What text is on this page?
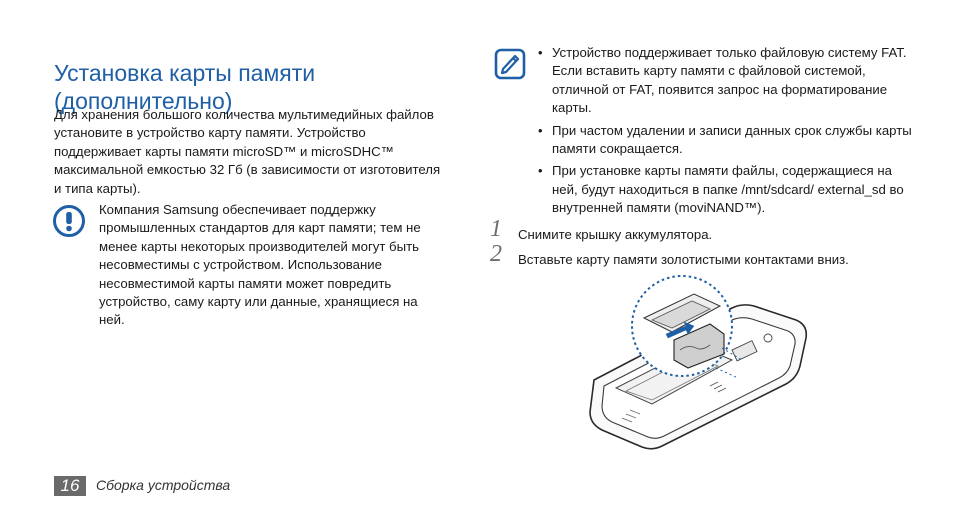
Установка карты памяти (дополнительно)

Для хранения большого количества мультимедийных файлов установите в устройство карту памяти. Устройство поддерживает карты памяти microSD™ и microSDHC™ максимальной емкостью 32 Гб (в зависимости от изготовителя и типа карты).

Компания Samsung обеспечивает поддержку промышленных стандартов для карт памяти; тем не менее карты некоторых производителей могут быть несовместимы с устройством. Использование несовместимой карты памяти может повредить устройство, саму карту или данные, хранящиеся на ней.

• Устройство поддерживает только файловую систему FAT. Если вставить карту памяти с файловой системой, отличной от FAT, появится запрос на форматирование карты.
• При частом удалении и записи данных срок службы карты памяти сокращается.
• При установке карты памяти файлы, содержащиеся на ней, будут находиться в папке /mnt/sdcard/ external_sd во внутренней памяти (moviNAND™).
1	Снимите крышку аккумулятора.
2	Вставьте карту памяти золотистыми контактами вниз.
16	Сборка устройства
